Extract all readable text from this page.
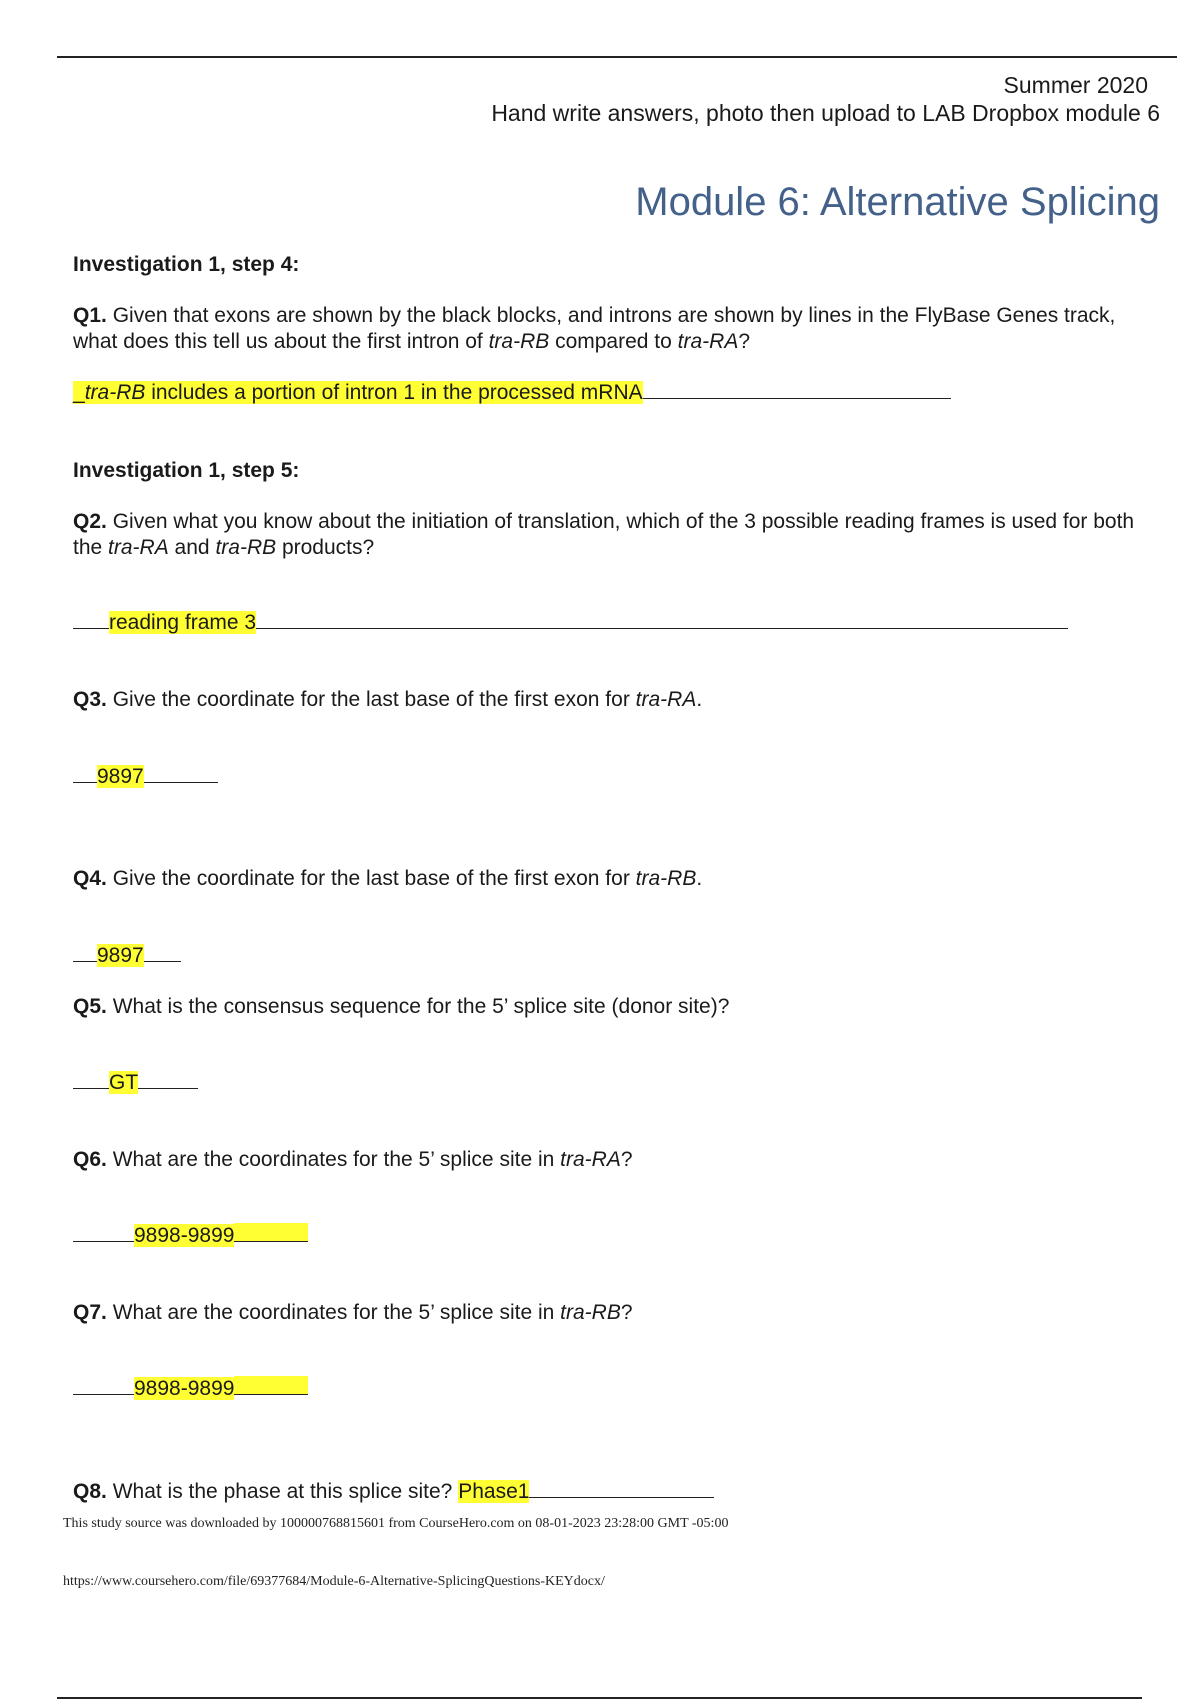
Summer 2020
Hand write answers, photo then upload to LAB Dropbox module 6
Module 6: Alternative Splicing
Investigation 1, step 4:
Q1. Given that exons are shown by the black blocks, and introns are shown by lines in the FlyBase Genes track, what does this tell us about the first intron of tra-RB compared to tra-RA?
_tra-RB includes a portion of intron 1 in the processed mRNA
Investigation 1, step 5:
Q2. Given what you know about the initiation of translation, which of the 3 possible reading frames is used for both the tra-RA and tra-RB products?
reading frame 3
Q3. Give the coordinate for the last base of the first exon for tra-RA.
9897
Q4. Give the coordinate for the last base of the first exon for tra-RB.
9897
Q5. What is the consensus sequence for the 5’ splice site (donor site)?
GT
Q6. What are the coordinates for the 5’ splice site in tra-RA?
9898-9899
Q7. What are the coordinates for the 5’ splice site in tra-RB?
9898-9899
Q8. What is the phase at this splice site? Phase1
This study source was downloaded by 100000768815601 from CourseHero.com on 08-01-2023 23:28:00 GMT -05:00
https://www.coursehero.com/file/69377684/Module-6-Alternative-SplicingQuestions-KEYdocx/
